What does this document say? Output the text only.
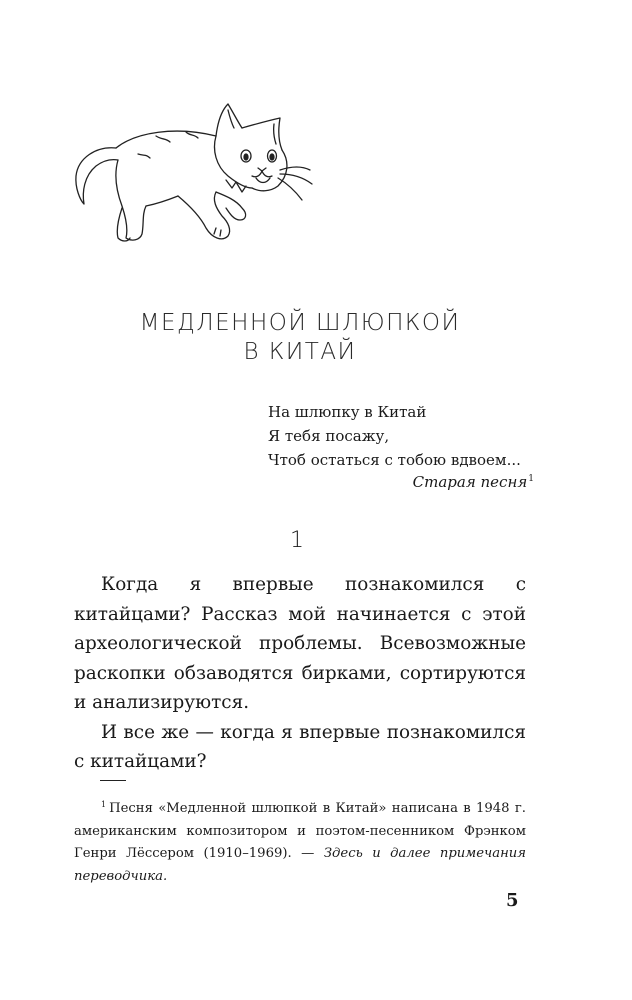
МЕДЛЕННОЙ ШЛЮПКОЙ
В КИТАЙ
На шлюпку в Китай
Я тебя посажу,
Чтоб остаться с тобою вдвоем...
Старая песня$^1$
1

Когда я впервые познакомился с китайцами? Рассказ мой начинается с этой археологической проблемы. Всевозможные раскопки обзаводятся бирками, сортируются и анализируются.

И все же — когда я впервые познакомился с китайцами?

$^1$ Песня «Медленной шлюпкой в Китай» написана в 1948 г. американским композитором и поэтом-песенником Фрэнком Генри Лёссером (1910–1969). — Здесь и далее примечания переводчика.
5
